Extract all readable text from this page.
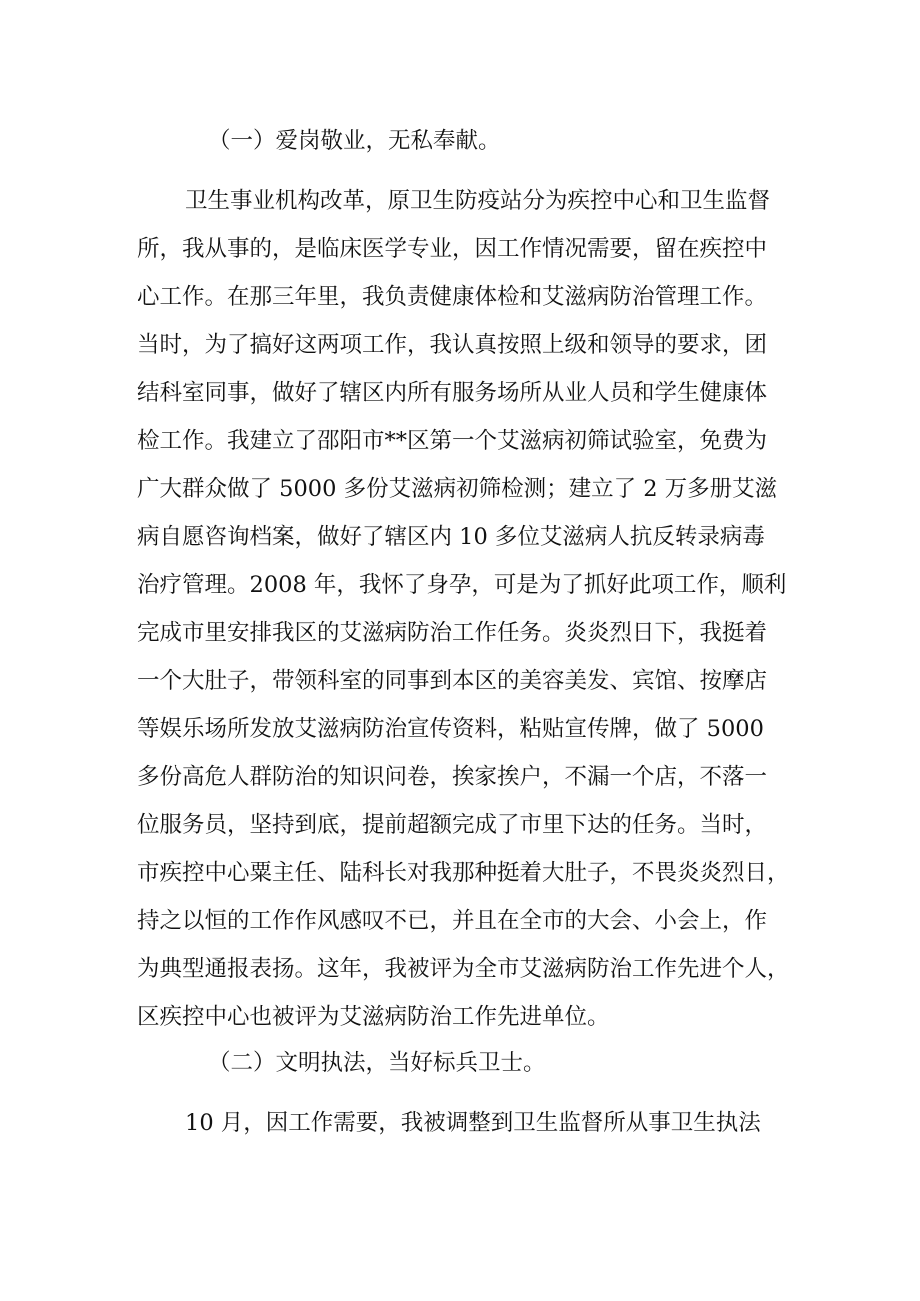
（一）爱岗敬业，无私奉献。
卫生事业机构改革，原卫生防疫站分为疾控中心和卫生监督
所，我从事的，是临床医学专业，因工作情况需要，留在疾控中
心工作。在那三年里，我负责健康体检和艾滋病防治管理工作。
当时，为了搞好这两项工作，我认真按照上级和领导的要求，团
结科室同事，做好了辖区内所有服务场所从业人员和学生健康体
检工作。我建立了邵阳市**区第一个艾滋病初筛试验室，免费为
广大群众做了 5000 多份艾滋病初筛检测；建立了 2 万多册艾滋
病自愿咨询档案，做好了辖区内 10 多位艾滋病人抗反转录病毒
治疗管理。2008 年，我怀了身孕，可是为了抓好此项工作，顺利
完成市里安排我区的艾滋病防治工作任务。炎炎烈日下，我挺着
一个大肚子，带领科室的同事到本区的美容美发、宾馆、按摩店
等娱乐场所发放艾滋病防治宣传资料，粘贴宣传牌，做了 5000
多份高危人群防治的知识问卷，挨家挨户，不漏一个店，不落一
位服务员，坚持到底，提前超额完成了市里下达的任务。当时，
市疾控中心粟主任、陆科长对我那种挺着大肚子，不畏炎炎烈日，
持之以恒的工作作风感叹不已，并且在全市的大会、小会上，作
为典型通报表扬。这年，我被评为全市艾滋病防治工作先进个人，
区疾控中心也被评为艾滋病防治工作先进单位。
（二）文明执法，当好标兵卫士。
10 月，因工作需要，我被调整到卫生监督所从事卫生执法
